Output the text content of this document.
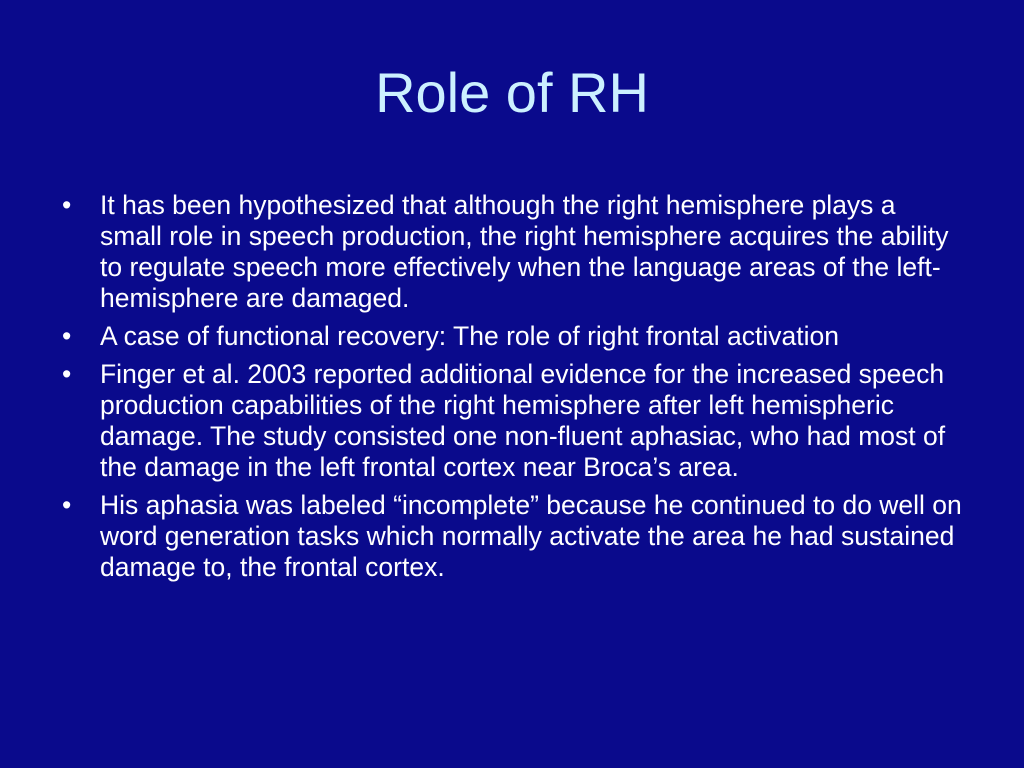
Role of RH
•	It has been hypothesized that although the right hemisphere plays a small role in speech production, the right hemisphere acquires the ability to regulate speech more effectively when the language areas of the left-hemisphere are damaged.
•	A case of functional recovery: The role of right frontal activation
•	Finger et al. 2003 reported additional evidence for the increased speech production capabilities of the right hemisphere after left hemispheric damage. The study consisted one non-fluent aphasiac, who had most of the damage in the left frontal cortex near Broca’s area.
•	His aphasia was labeled “incomplete” because he continued to do well on word generation tasks which normally activate the area he had sustained damage to, the frontal cortex.
